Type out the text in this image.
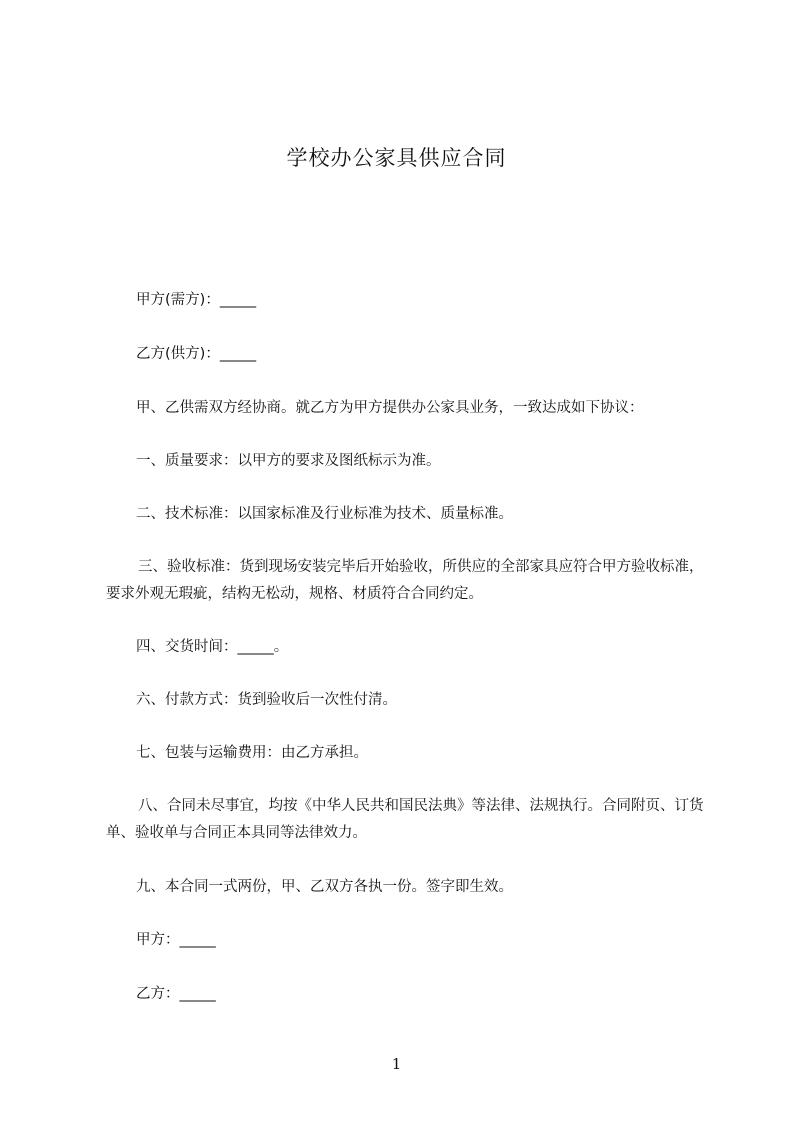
学校办公家具供应合同
甲方(需方)：_____
乙方(供方)：_____
甲、乙供需双方经协商。就乙方为甲方提供办公家具业务，一致达成如下协议：
一、质量要求：以甲方的要求及图纸标示为准。
二、技术标准：以国家标准及行业标准为技术、质量标准。
三、验收标准：货到现场安装完毕后开始验收，所供应的全部家具应符合甲方验收标准，要求外观无瑕疵，结构无松动，规格、材质符合合同约定。
四、交货时间：_____。
六、付款方式：货到验收后一次性付清。
七、包装与运输费用：由乙方承担。
八、合同未尽事宜，均按《中华人民共和国民法典》等法律、法规执行。合同附页、订货单、验收单与合同正本具同等法律效力。
九、本合同一式两份，甲、乙双方各执一份。签字即生效。
甲方：_____
乙方：_____
1
